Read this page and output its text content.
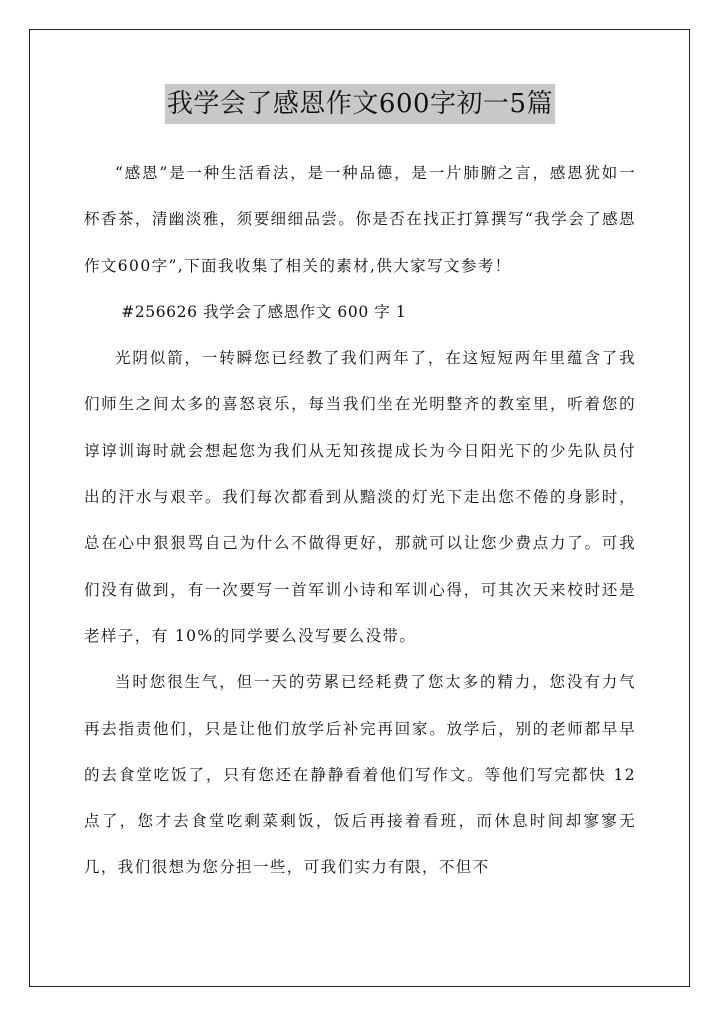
我学会了感恩作文600字初一5篇

“感恩”是一种生活看法，是一种品德，是一片肺腑之言，感恩犹如一杯香茶，清幽淡雅，须要细细品尝。你是否在找正打算撰写“我学会了感恩作文600字”,下面我收集了相关的素材,供大家写文参考！

#256626 我学会了感恩作文 600 字 1

光阴似箭，一转瞬您已经教了我们两年了，在这短短两年里蕴含了我们师生之间太多的喜怒哀乐，每当我们坐在光明整齐的教室里，听着您的谆谆训诲时就会想起您为我们从无知孩提成长为今日阳光下的少先队员付出的汗水与艰辛。我们每次都看到从黯淡的灯光下走出您不倦的身影时，总在心中狠狠骂自己为什么不做得更好，那就可以让您少费点力了。可我们没有做到，有一次要写一首军训小诗和军训心得，可其次天来校时还是老样子，有 10%的同学要么没写要么没带。

当时您很生气，但一天的劳累已经耗费了您太多的精力，您没有力气再去指责他们，只是让他们放学后补完再回家。放学后，别的老师都早早的去食堂吃饭了，只有您还在静静看着他们写作文。等他们写完都快 12 点了，您才去食堂吃剩菜剩饭，饭后再接着看班，而休息时间却寥寥无几，我们很想为您分担一些，可我们实力有限，不但不
